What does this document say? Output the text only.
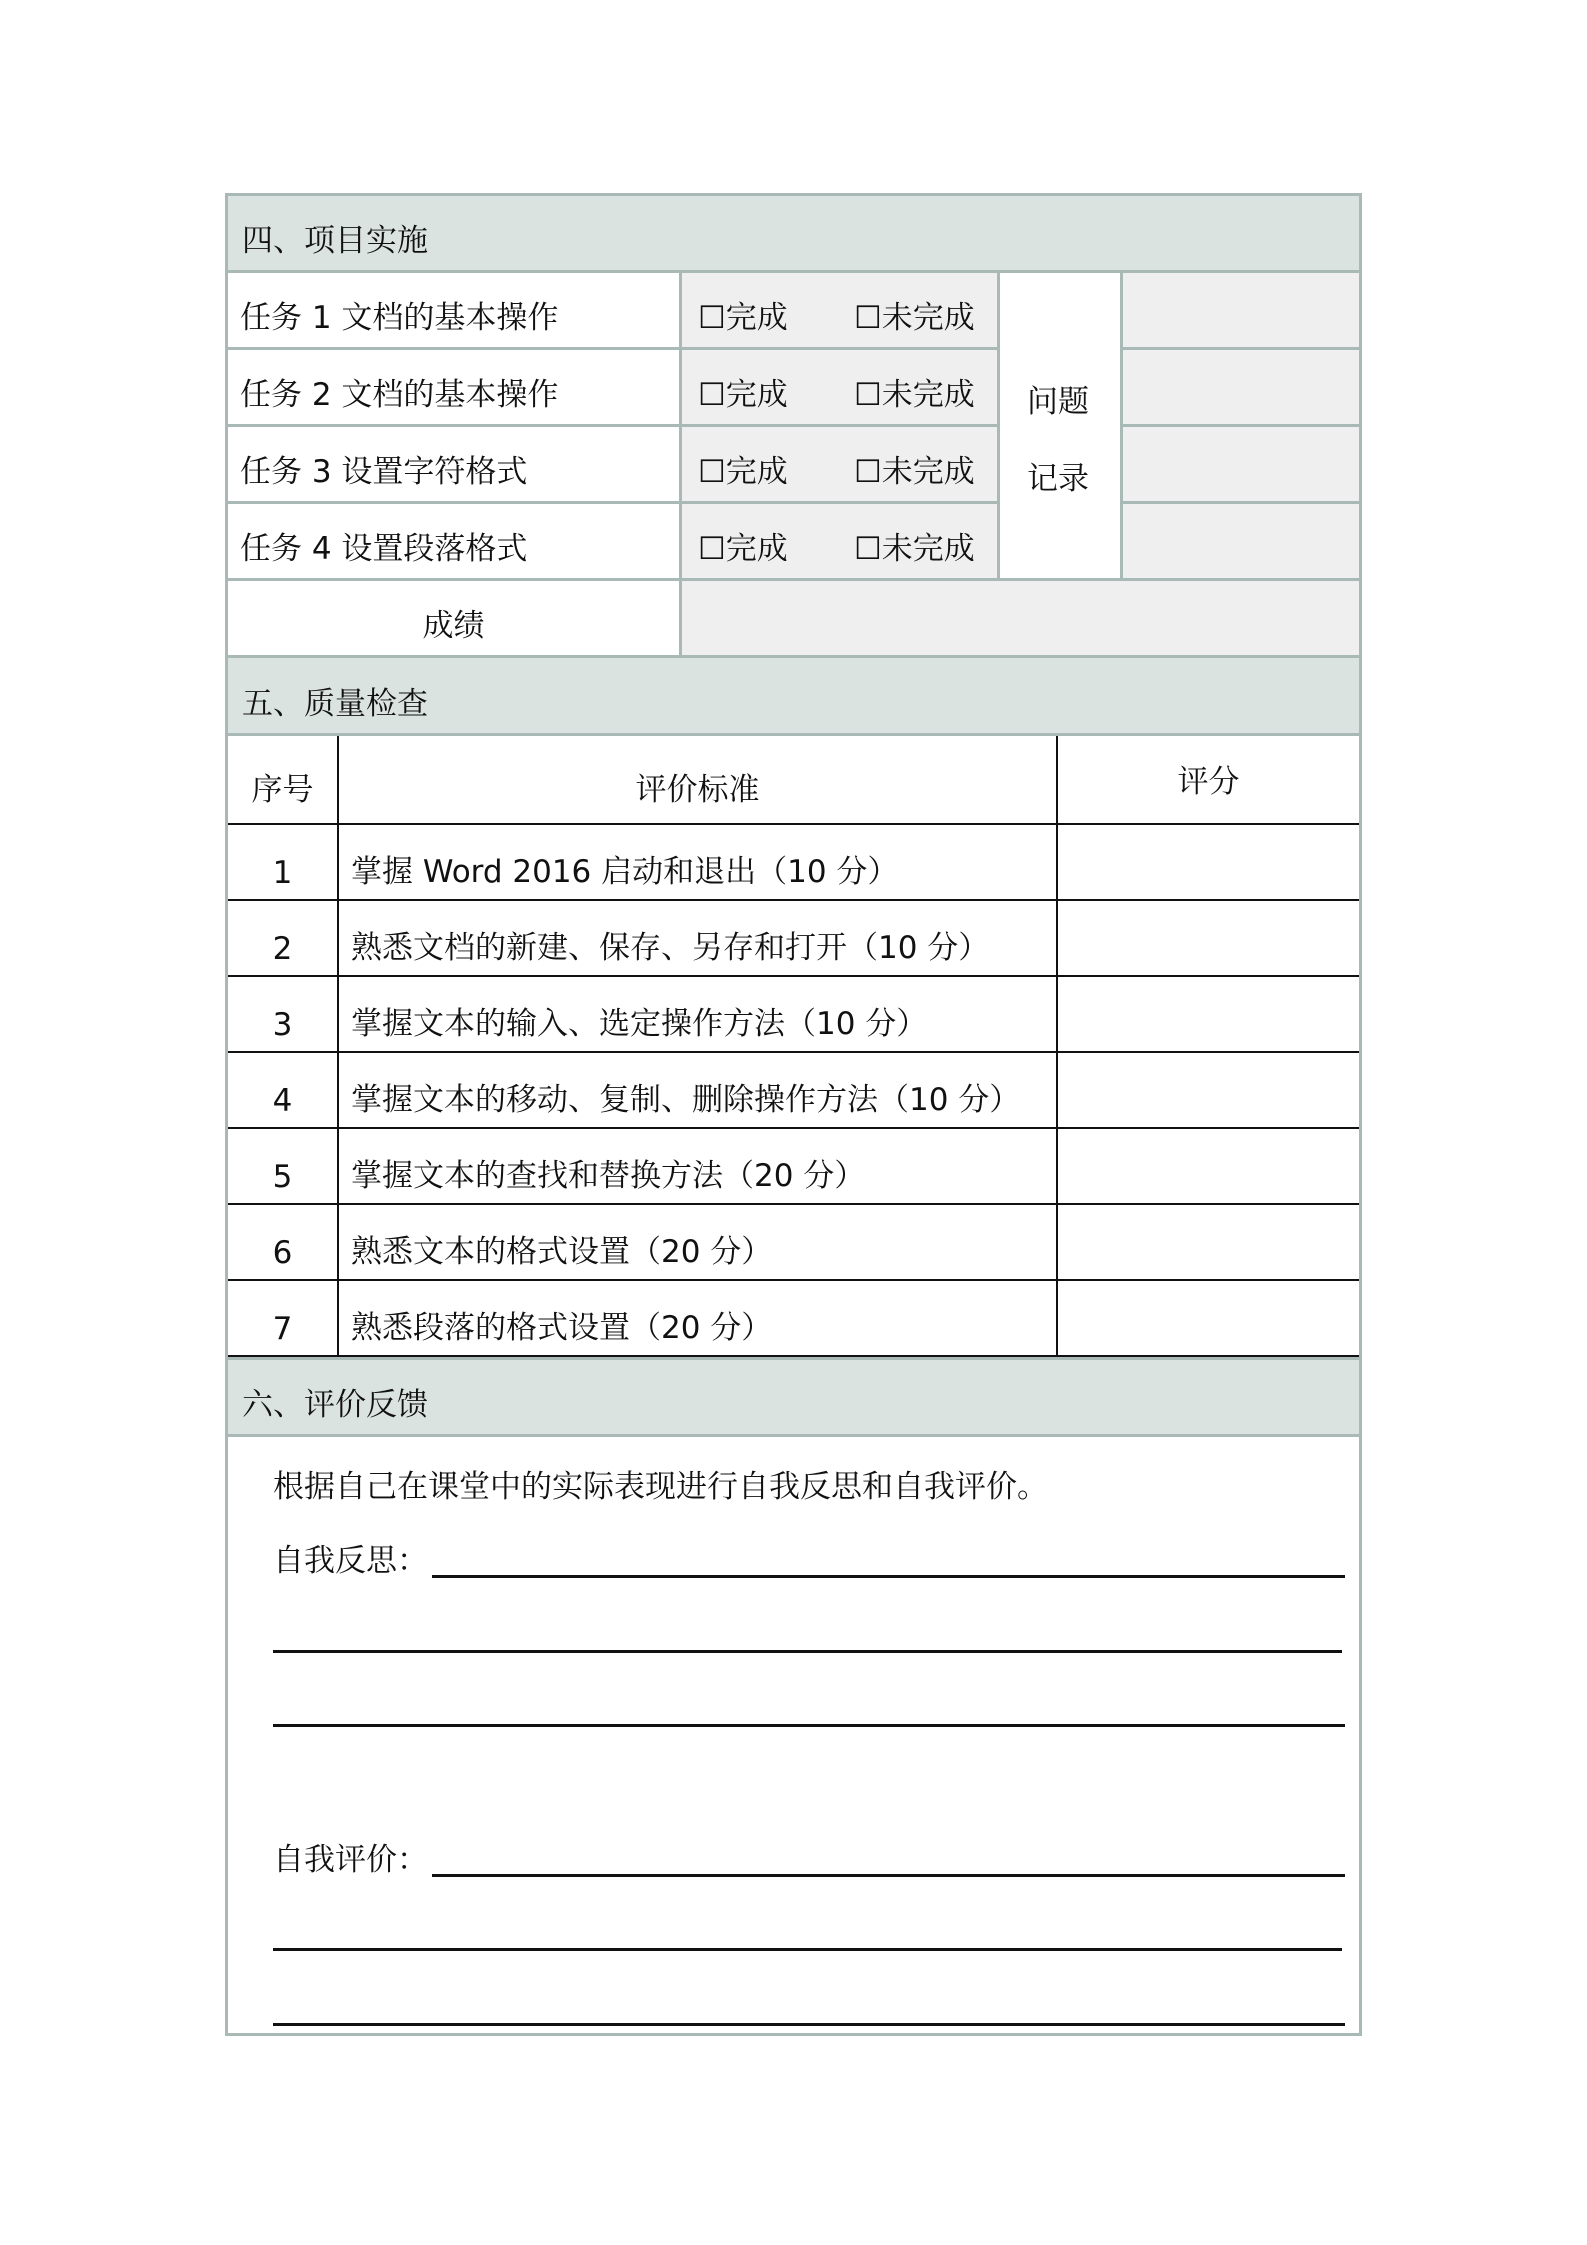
四、项目实施
任务 1 文档的基本操作	☐完成 ☐未完成
任务 2 文档的基本操作	☐完成 ☐未完成
任务 3 设置字符格式	☐完成 ☐未完成
任务 4 设置段落格式	☐完成 ☐未完成
问题
记录
成绩
五、质量检查
序号	评价标准	评分
1 掌握 Word 2016 启动和退出（10 分）
2 熟悉文档的新建、保存、另存和打开（10 分）
3 掌握文本的输入、选定操作方法（10 分）
4 掌握文本的移动、复制、删除操作方法（10 分）
5 掌握文本的查找和替换方法（20 分）
6 熟悉文本的格式设置（20 分）
7 熟悉段落的格式设置（20 分）
六、评价反馈
根据自己在课堂中的实际表现进行自我反思和自我评价。
自我反思：
自我评价：
